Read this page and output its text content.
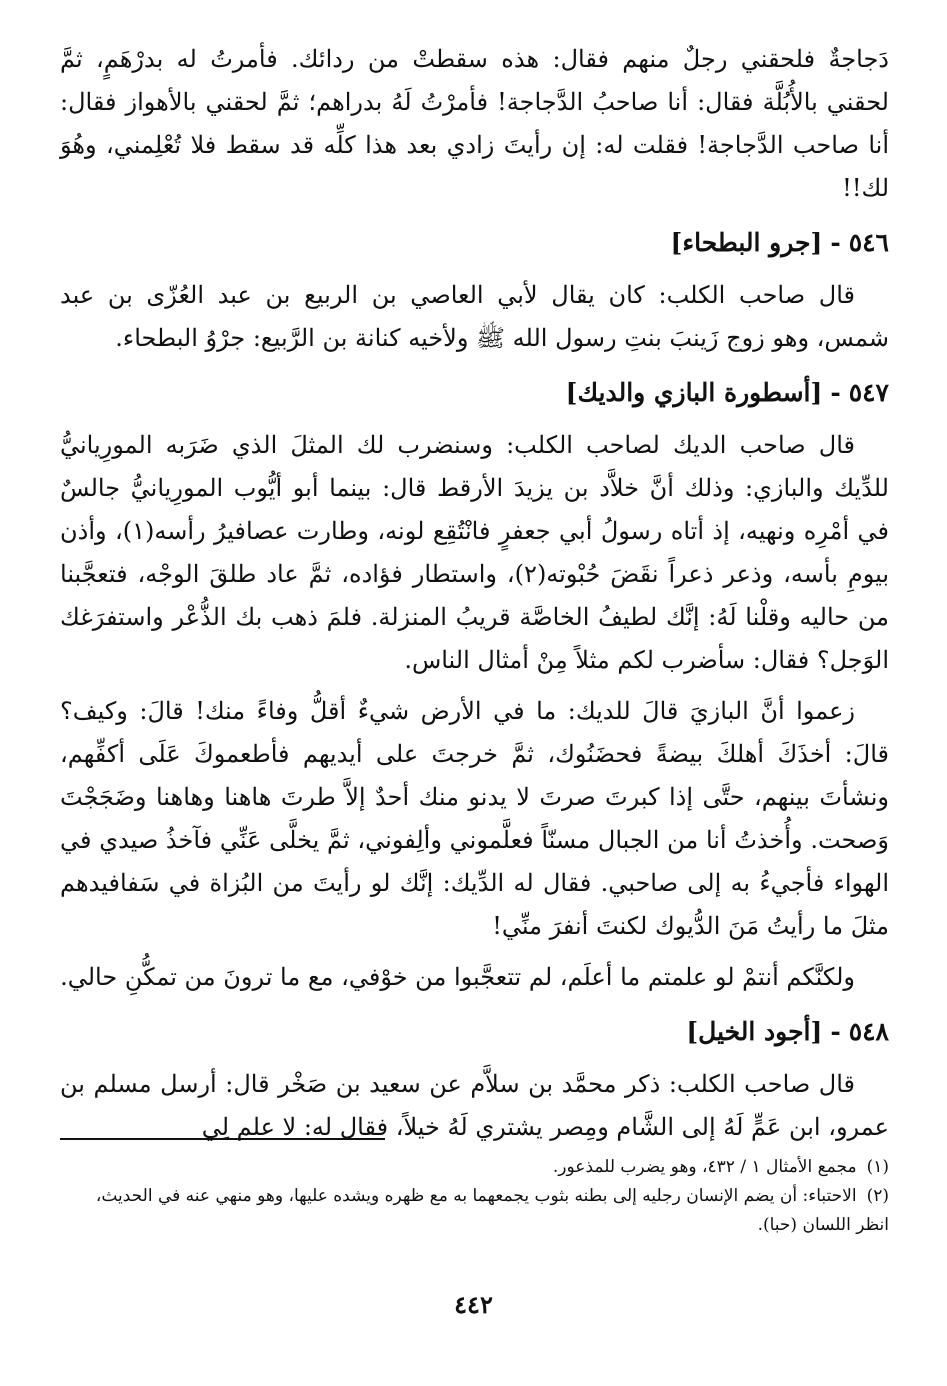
دَجاجةٌ فلحقني رجلٌ منهم فقال: هذه سقطتْ من ردائك. فأمرتُ له بدرْهَمٍ، ثمَّ لحقني بالأُبُلَّة فقال: أنا صاحبُ الدَّجاجة! فأمرْتُ لَهُ بدراهم؛ ثمَّ لحقني بالأهواز فقال: أنا صاحب الدَّجاجة! فقلت له: إن رأيتَ زادي بعد هذا كلِّه قد سقط فلا تُعْلِمني، وهُوَ لك!!

٥٤٦-[جرو البطحاء]

قال صاحب الكلب: كان يقال لأبي العاصي بن الربيع بن عبد العُزّى بن عبد شمس، وهو زوج زَينبَ بنتِ رسول الله ﷺ ولأخيه كنانة بن الرَّبيع: جرْوُ البطحاء.

٥٤٧-[أسطورة البازي والديك]

قال صاحب الديك لصاحب الكلب: وسنضرب لك المثلَ الذي ضَرَبه المورِيانيُّ للدِّيك والبازي: وذلك أنَّ خلاَّد بن يزيدَ الأرقط قال: بينما أبو أيُّوب المورِيانيُّ جالسٌ في أمْرِه ونهيه، إذ أتاه رسولُ أبي جعفرٍ فانْتُقِع لونه، وطارت عصافيرُ رأسه(١)، وأذن بيومِ بأسه، وذعر ذعراً نقَضَ حُبْوته(٢)، واستطار فؤاده، ثمَّ عاد طلقَ الوجْه، فتعجَّبنا من حاليه وقلْنا لَهُ: إنَّك لطيفُ الخاصَّة قريبُ المنزلة. فلمَ ذهب بك الذُّعْر واستفرَغك الوَجل؟ فقال: سأضرب لكم مثلاً مِنْ أمثال الناس.

زعموا أنَّ البازيَ قالَ للديك: ما في الأرض شيءٌ أقلُّ وفاءً منك! قالَ: وكيف؟ قالَ: أخذَكَ أهلكَ بيضةً فحضَنُوك، ثمَّ خرجتَ على أيديهم فأطعموكَ عَلَى أكفِّهم، ونشأتَ بينهم، حتَّى إذا كبرتَ صرتَ لا يدنو منك أحدٌ إلاَّ طرتَ هاهنا وهاهنا وضَجَجْتَ وَصحت. وأُخذتُ أنا من الجبال مسنّاً فعلَّموني وألِفوني، ثمَّ يخلَّى عَنِّي فآخذُ صيدي في الهواء فأجيءُ به إلى صاحبي. فقال له الدِّيك: إنَّك لو رأيتَ من البُزاة في سَفافيدهم مثلَ ما رأيتُ مَنَ الدُّيوك لكنتَ أنفرَ منِّي!

ولكنَّكم أنتمْ لو علمتم ما أعلَم، لم تتعجَّبوا من خوْفي، مع ما ترونَ من تمكُّنِ حالي.

٥٤٨-[أجود الخيل]

قال صاحب الكلب: ذكر محمَّد بن سلاَّم عن سعيد بن صَخْر قال: أرسل مسلم بن عمرو، ابن عَمٍّ لَهُ إلى الشَّام ومِصر يشتري لَهُ خيلاً، فقال له: لا علم لِي

(١)مجمع الأمثال ١ / ٤٣٢، وهو يضرب للمذعور.

(٢)الاحتباء: أن يضم الإنسان رجليه إلى بطنه بثوب يجمعهما به مع ظهره ويشده عليها، وهو منهي عنه في الحديث، انظر اللسان (حبا).

٤٤٢
